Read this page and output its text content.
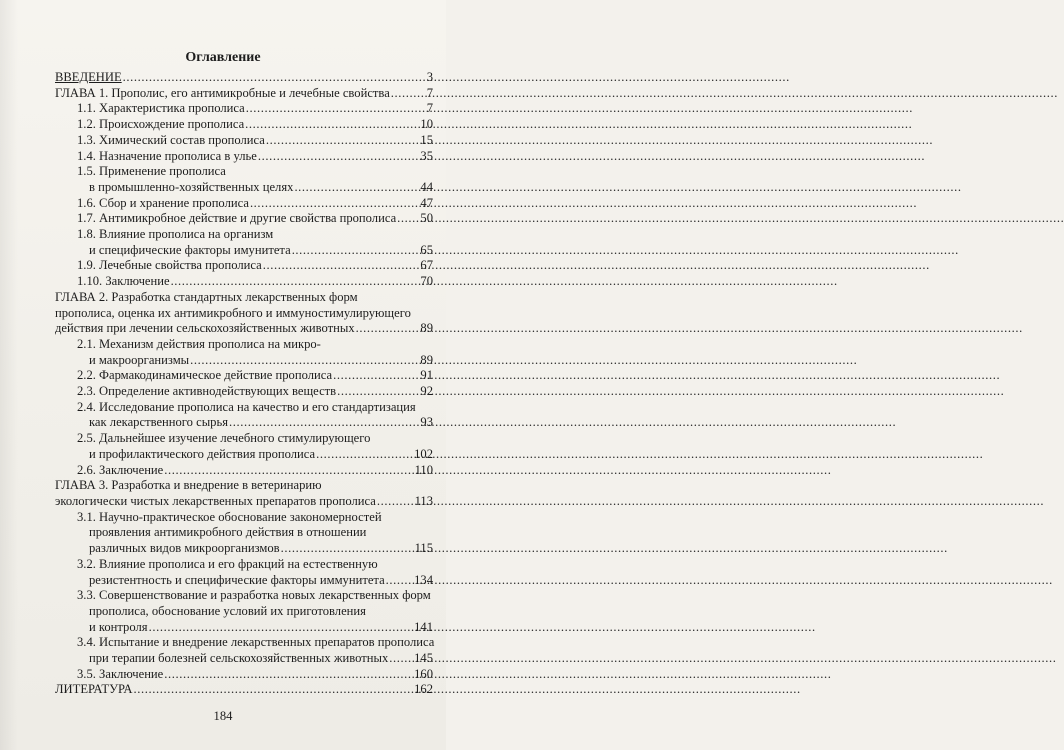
Оглавление
ВВЕДЕНИЕ .....	3
ГЛАВА 1. Прополис, его антимикробные и лечебные свойства .....	7
1.1. Характеристика прополиса .....	7
1.2. Происхождение прополиса .....	10
1.3. Химический состав прополиса .....	15
1.4. Назначение прополиса в улье .....	35
1.5. Применение прополиса
в промышленно-хозяйственных целях .....	44
1.6. Сбор и хранение прополиса .....	47
1.7. Антимикробное действие и другие свойства прополиса ..... 50
1.8. Влияние прополиса на организм
и специфические факторы имунитета .....	65
1.9. Лечебные свойства прополиса .....	67
1.10. Заключение .....	70
ГЛАВА 2. Разработка стандартных лекарственных форм
прополиса, оценка их антимикробного и иммуностимулирующего
действия при лечении сельскохозяйственных животных .....	89
2.1. Механизм действия прополиса на микро-
и макроорганизмы .....	89
2.2. Фармакодинамическое действие прополиса .....	91
2.3. Определение активнодействующих веществ .....	92
2.4. Исследование прополиса на качество и его стандартизация
как лекарственного сырья .....	93
2.5. Дальнейшее изучение лечебного стимулирующего
и профилактического действия прополиса .....	102
2.6. Заключение .....	110
ГЛАВА 3. Разработка и внедрение в ветеринарию
экологически чистых лекарственных препаратов прополиса .....	113
3.1. Научно-практическое обоснование закономерностей
проявления антимикробного действия в отношении
различных видов микроорганизмов .....	115
3.2. Влияние прополиса и его фракций на естественную
резистентность и специфические факторы иммунитета ..... 134
3.3. Совершенствование и разработка новых лекарственных форм
прополиса, обоснование условий их приготовления
и контроля .....	141
3.4. Испытание и внедрение лекарственных препаратов прополиса
при терапии болезней сельскохозяйственных животных ..... 145
3.5. Заключение .....	160
ЛИТЕРАТУРА .....	162
184
